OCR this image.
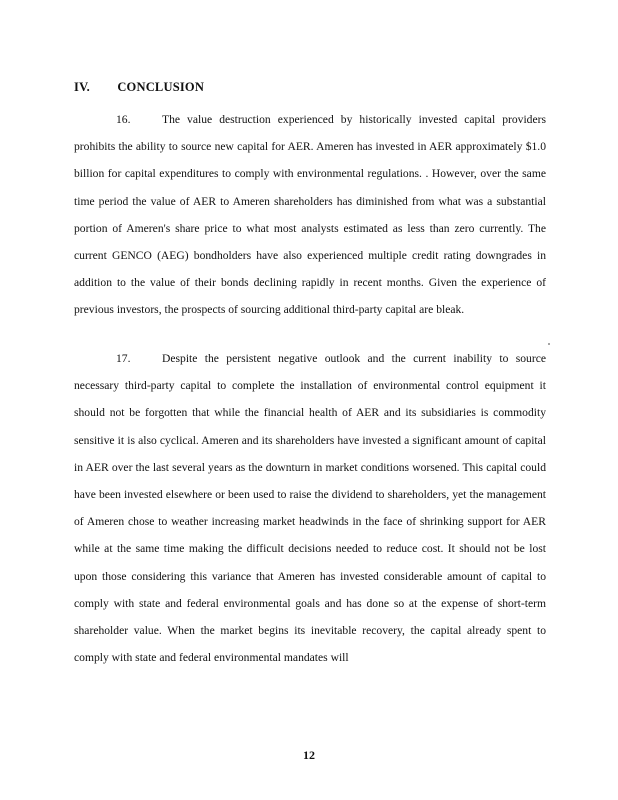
IV. CONCLUSION
16.	The value destruction experienced by historically invested capital providers prohibits the ability to source new capital for AER. Ameren has invested in AER approximately $1.0 billion for capital expenditures to comply with environmental regulations. . However, over the same time period the value of AER to Ameren shareholders has diminished from what was a substantial portion of Ameren's share price to what most analysts estimated as less than zero currently. The current GENCO (AEG) bondholders have also experienced multiple credit rating downgrades in addition to the value of their bonds declining rapidly in recent months. Given the experience of previous investors, the prospects of sourcing additional third-party capital are bleak.
17.	Despite the persistent negative outlook and the current inability to source necessary third-party capital to complete the installation of environmental control equipment it should not be forgotten that while the financial health of AER and its subsidiaries is commodity sensitive it is also cyclical. Ameren and its shareholders have invested a significant amount of capital in AER over the last several years as the downturn in market conditions worsened. This capital could have been invested elsewhere or been used to raise the dividend to shareholders, yet the management of Ameren chose to weather increasing market headwinds in the face of shrinking support for AER while at the same time making the difficult decisions needed to reduce cost. It should not be lost upon those considering this variance that Ameren has invested considerable amount of capital to comply with state and federal environmental goals and has done so at the expense of short-term shareholder value. When the market begins its inevitable recovery, the capital already spent to comply with state and federal environmental mandates will
12
